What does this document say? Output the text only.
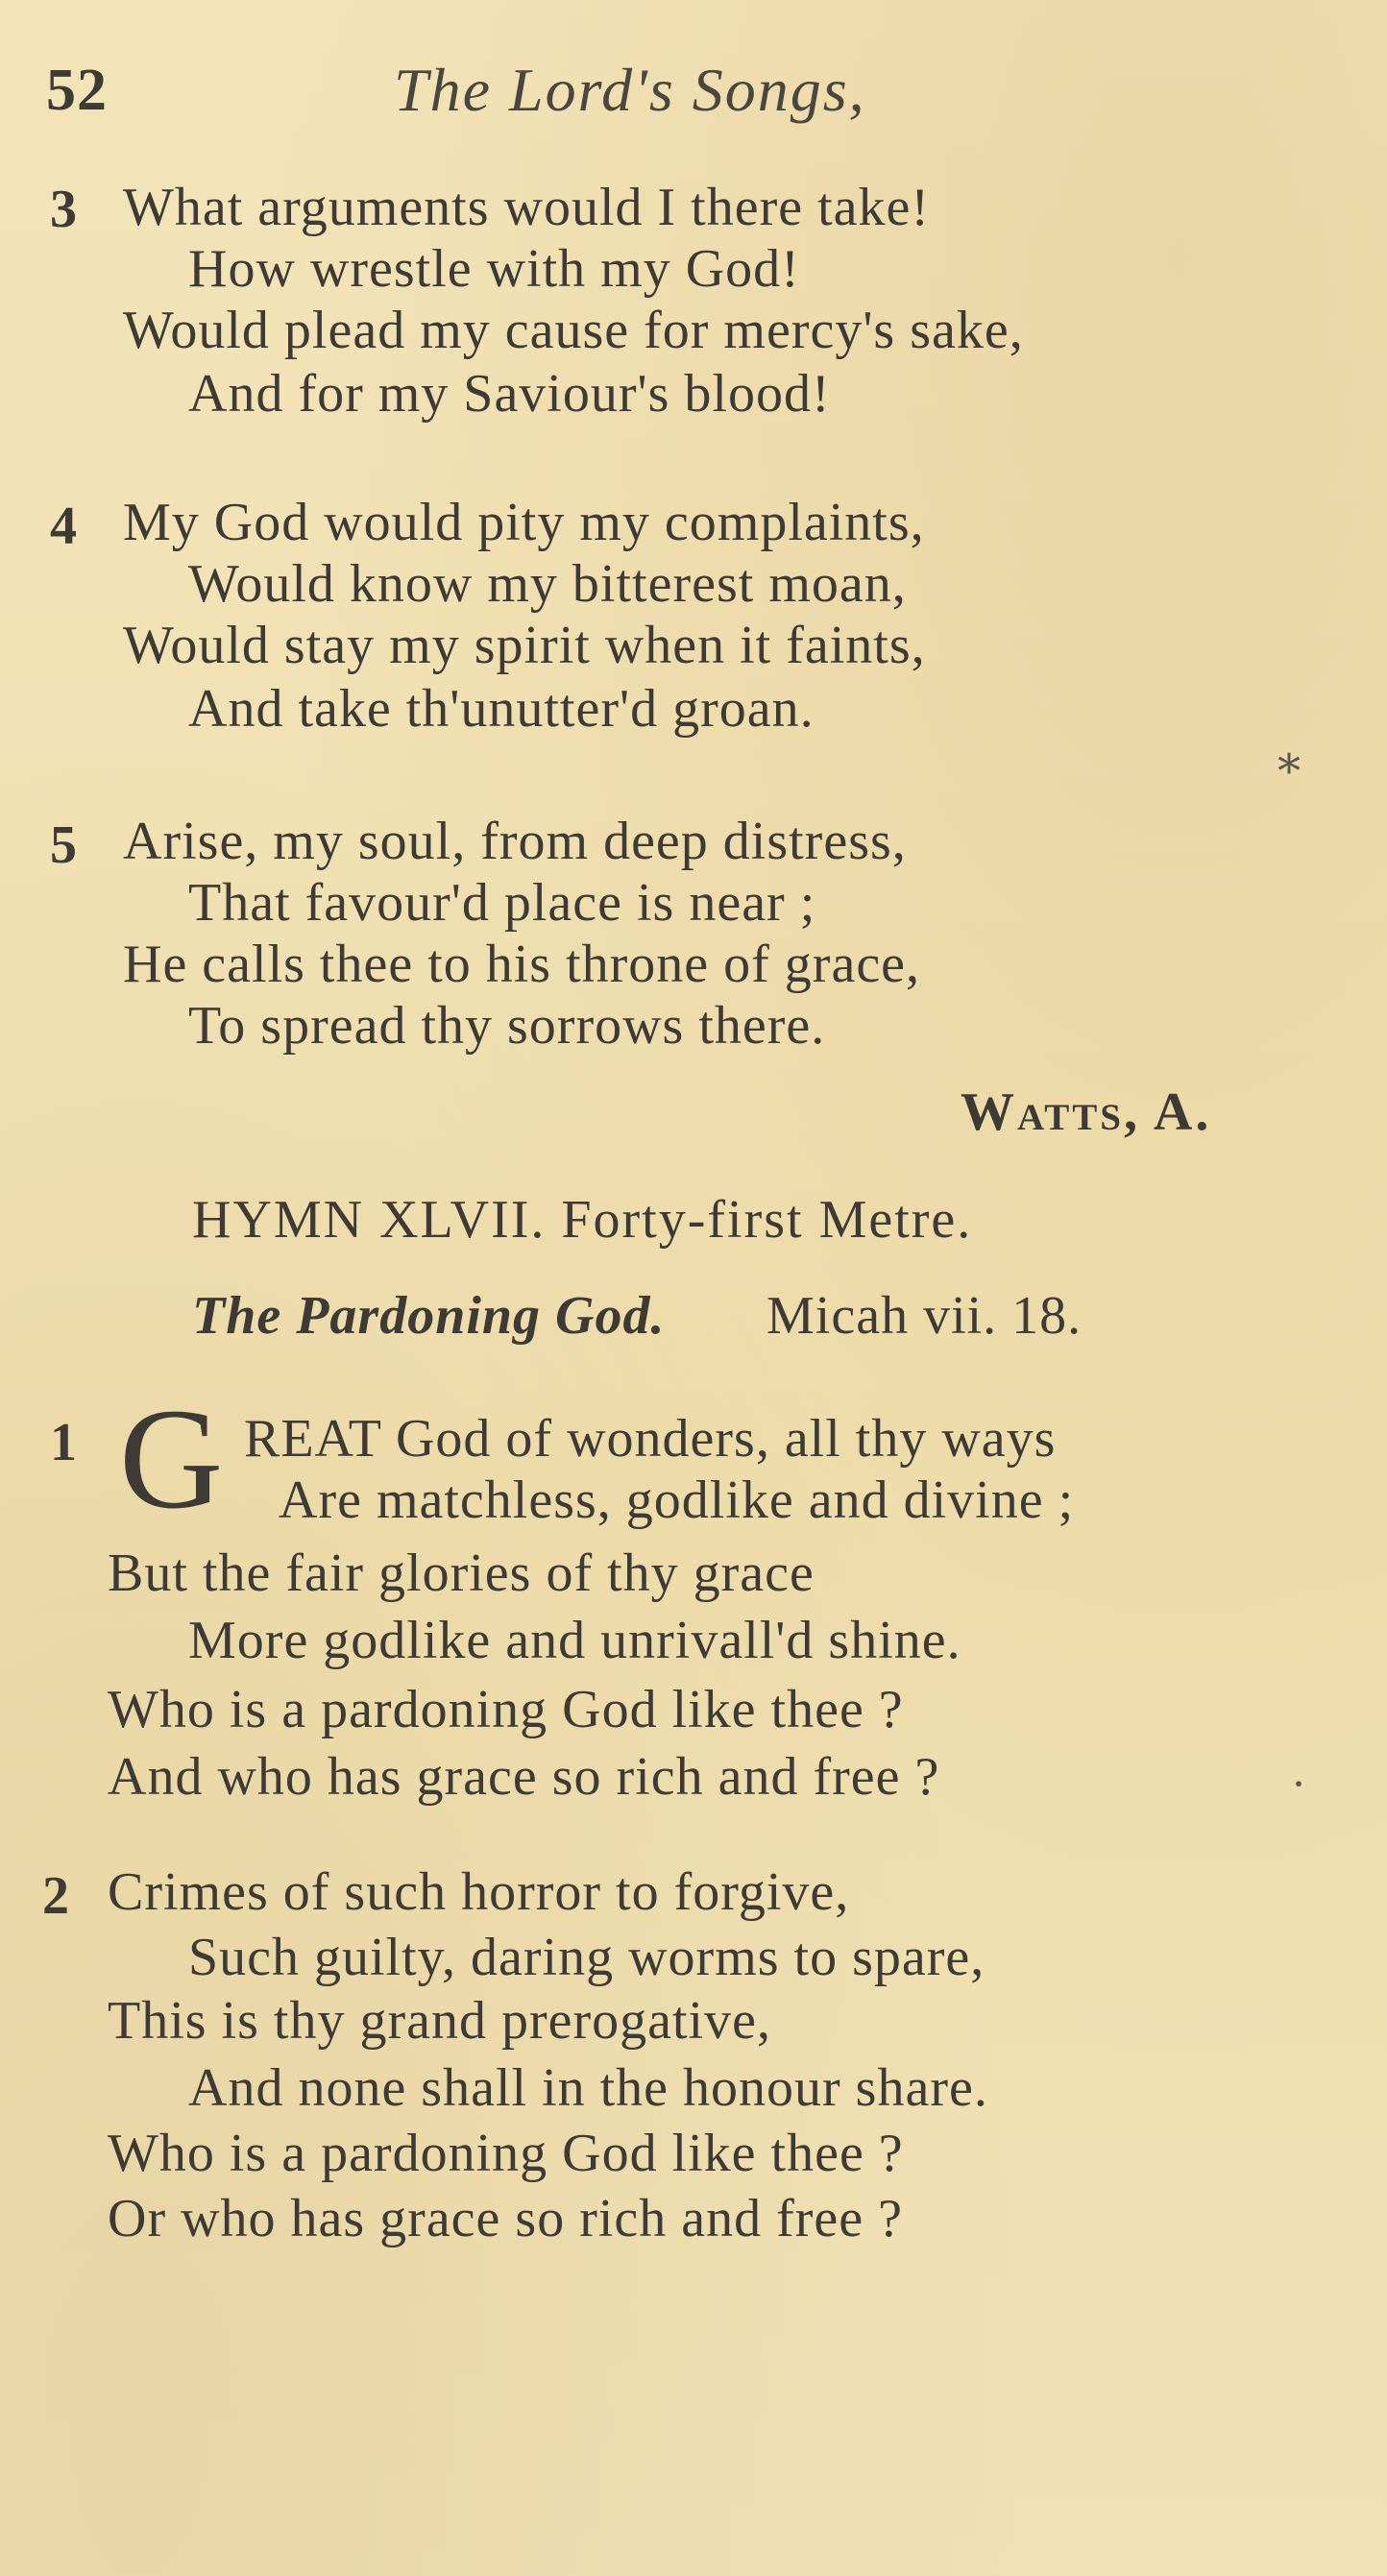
52	The Lord's Songs,
3 What arguments would I there take!
How wrestle with my God!
Would plead my cause for mercy's sake,
And for my Saviour's blood!
4 My God would pity my complaints,
Would know my bitterest moan,
Would stay my spirit when it faints,
And take th'unutter'd groan.
5 Arise, my soul, from deep distress,
That favour'd place is near ;
He calls thee to his throne of grace,
To spread thy sorrows there.
Watts, A.
HYMN XLVII. Forty-first Metre.
The Pardoning God. Micah vii. 18.
1 G REAT God of wonders, all thy ways
Are matchless, godlike and divine ;
But the fair glories of thy grace
More godlike and unrivall'd shine.
Who is a pardoning God like thee ?
And who has grace so rich and free ?
2 Crimes of such horror to forgive,
Such guilty, daring worms to spare,
This is thy grand prerogative,
And none shall in the honour share.
Who is a pardoning God like thee ?
Or who has grace so rich and free ?
⁎
·
